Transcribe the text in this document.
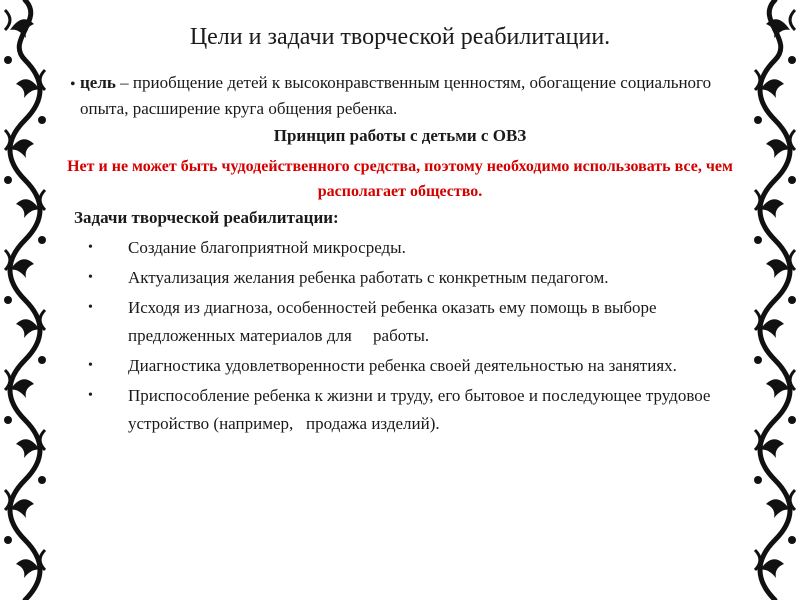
Цели и задачи творческой реабилитации.
• цель – приобщение детей к высоконравственным ценностям, обогащение социального опыта, расширение круга общения ребенка.
Принцип работы с детьми с ОВЗ
Нет и не может быть чудодейственного средства, поэтому необходимо использовать все, чем располагает общество.
Задачи творческой реабилитации:
• Создание благоприятной микросреды.
• Актуализация желания ребенка работать с конкретным педагогом.
• Исходя из диагноза, особенностей ребенка оказать ему помощь в выборе предложенных материалов для     работы.
• Диагностика удовлетворенности ребенка своей деятельностью на занятиях.
• Приспособление ребенка к жизни и труду, его бытовое и последующее трудовое устройство (например,   продажа изделий).
